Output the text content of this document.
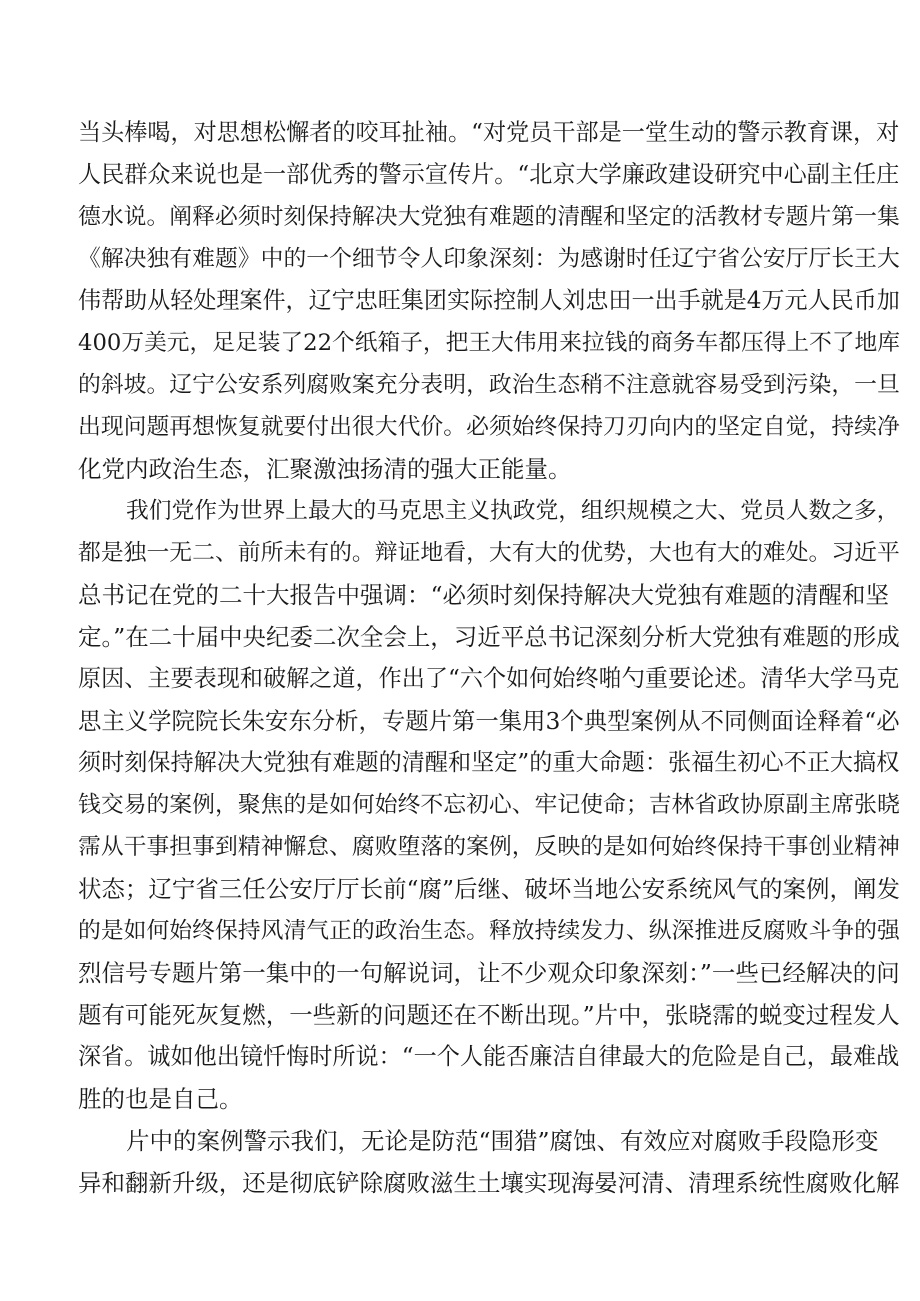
当头棒喝，对思想松懈者的咬耳扯袖。“对党员干部是一堂生动的警示教育课，对
人民群众来说也是一部优秀的警示宣传片。“北京大学廉政建设研究中心副主任庄
德水说。阐释必须时刻保持解决大党独有难题的清醒和坚定的活教材专题片第一集
《解决独有难题》中的一个细节令人印象深刻：为感谢时任辽宁省公安厅厅长王大
伟帮助从轻处理案件，辽宁忠旺集团实际控制人刘忠田一出手就是4万元人民币加
400万美元，足足装了22个纸箱子，把王大伟用来拉钱的商务车都压得上不了地库
的斜坡。辽宁公安系列腐败案充分表明，政治生态稍不注意就容易受到污染，一旦
出现问题再想恢复就要付出很大代价。必须始终保持刀刃向内的坚定自觉，持续净
化党内政治生态，汇聚激浊扬清的强大正能量。
我们党作为世界上最大的马克思主义执政党，组织规模之大、党员人数之多，
都是独一无二、前所未有的。辩证地看，大有大的优势，大也有大的难处。习近平
总书记在党的二十大报告中强调：“必须时刻保持解决大党独有难题的清醒和坚
定。”在二十届中央纪委二次全会上，习近平总书记深刻分析大党独有难题的形成
原因、主要表现和破解之道，作出了“六个如何始终啪勺重要论述。清华大学马克
思主义学院院长朱安东分析，专题片第一集用3个典型案例从不同侧面诠释着“必
须时刻保持解决大党独有难题的清醒和坚定”的重大命题：张福生初心不正大搞权
钱交易的案例，聚焦的是如何始终不忘初心、牢记使命；吉林省政协原副主席张晓
霈从干事担事到精神懈怠、腐败堕落的案例，反映的是如何始终保持干事创业精神
状态；辽宁省三任公安厅厅长前“腐”后继、破坏当地公安系统风气的案例，阐发
的是如何始终保持风清气正的政治生态。释放持续发力、纵深推进反腐败斗争的强
烈信号专题片第一集中的一句解说词，让不少观众印象深刻：”一些已经解决的问
题有可能死灰复燃，一些新的问题还在不断出现。”片中，张晓霈的蜕变过程发人
深省。诚如他出镜忏悔时所说：“一个人能否廉洁自律最大的危险是自己，最难战
胜的也是自己。
片中的案例警示我们，无论是防范“围猎”腐蚀、有效应对腐败手段隐形变
异和翻新升级，还是彻底铲除腐败滋生土壤实现海晏河清、清理系统性腐败化解
